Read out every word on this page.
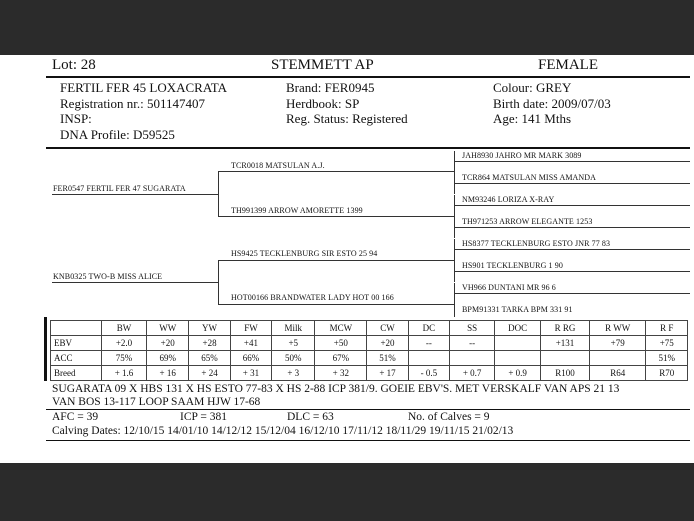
Lot: 28	STEMMETT AP	FEMALE
FERTIL FER 45 LOXACRATA
Registration nr.: 501147407
INSP:
DNA Profile: D59525
Brand: FER0945
Herdbook: SP
Reg. Status: Registered
Colour: GREY
Birth date: 2009/07/03
Age: 141 Mths
FER0547 FERTIL FER 47 SUGARATA
KNB0325 TWO-B MISS ALICE
TCR0018 MATSULAN A.J.
TH991399 ARROW AMORETTE 1399
HS9425 TECKLENBURG SIR ESTO 25 94
HOT00166 BRANDWATER LADY HOT 00 166
JAH8930 JAHRO MR MARK 3089
TCR864 MATSULAN MISS AMANDA
NM93246 LORIZA X-RAY
TH971253 ARROW ELEGANTE 1253
HS8377 TECKLENBURG ESTO JNR 77 83
HS901 TECKLENBURG 1 90
VH966 DUNTANI MR 96 6
BPM91331 TARKA BPM 331 91
	BW	WW	YW	FW	Milk	MCW	CW	DC	SS	DOC	R RG	R WW	R F
EBV	+2.0	+20	+28	+41	+5	+50	+20	--	--		+131	+79	+75
ACC	75%	69%	65%	66%	50%	67%	51%						51%
Breed	+ 1.6	+ 16	+ 24	+ 31	+ 3	+ 32	+ 17	- 0.5	+ 0.7	+ 0.9	R100	R64	R70
SUGARATA 09 X HBS 131 X HS ESTO 77-83 X HS 2-88 ICP 381/9. GOEIE EBV'S. MET VERSKALF VAN APS 21 13
VAN BOS 13-117 LOOP SAAM HJW 17-68
AFC = 39	ICP = 381	DLC = 63	No. of Calves = 9
Calving Dates: 12/10/15 14/01/10 14/12/12 15/12/04 16/12/10 17/11/12 18/11/29 19/11/15 21/02/13
